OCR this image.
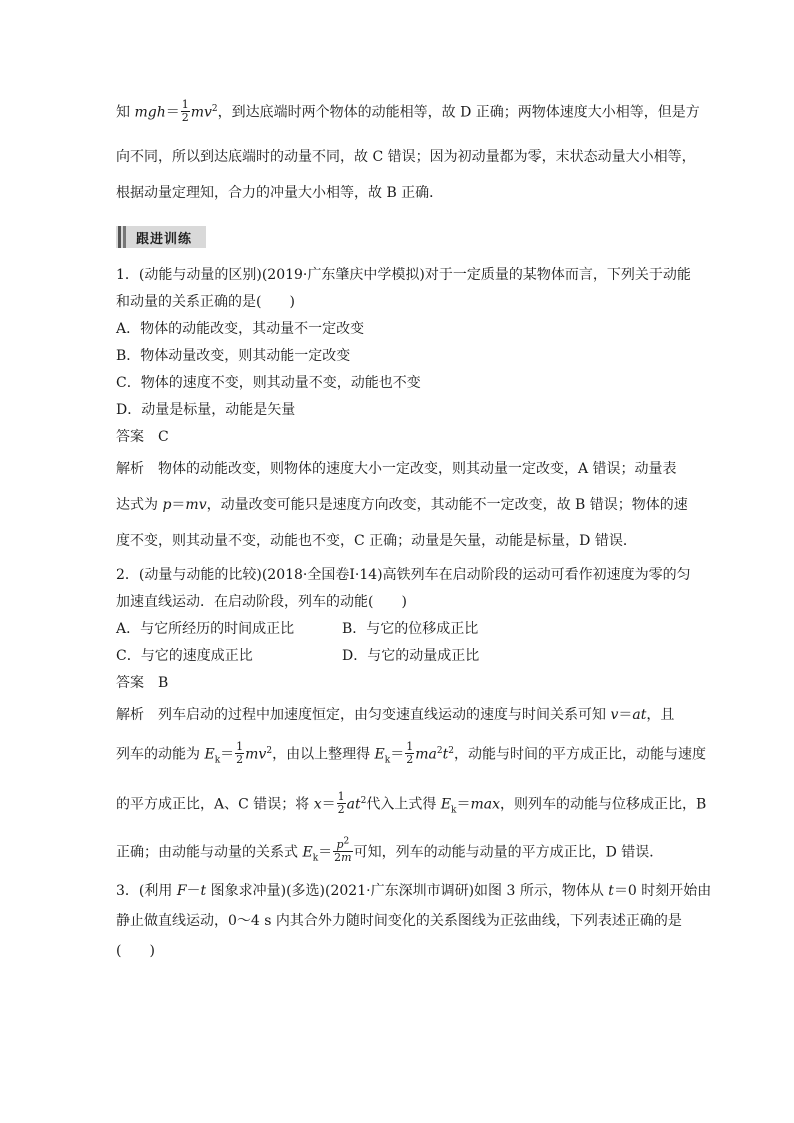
知 $mgh= \frac{1}{2} mv^2$，到达底端时两个物体的动能相等，故 D 正确；两物体速度大小相等，但是方
向不同，所以到达底端时的动量不同，故 C 错误；因为初动量都为零，末状态动量大小相等，
根据动量定理知，合力的冲量大小相等，故 B 正确．
跟进训练
1．(动能与动量的区别)(2019·广东肇庆中学模拟)对于一定质量的某物体而言，下列关于动能
和动量的关系正确的是(　　)
A．物体的动能改变，其动量不一定改变
B．物体动量改变，则其动能一定改变
C．物体的速度不变，则其动量不变，动能也不变
D．动量是标量，动能是矢量
答案　C
解析　物体的动能改变，则物体的速度大小一定改变，则其动量一定改变，A 错误；动量表
达式为 p＝mv，动量改变可能只是速度方向改变，其动能不一定改变，故 B 错误；物体的速
度不变，则其动量不变，动能也不变，C 正确；动量是矢量，动能是标量，D 错误．
2．(动量与动能的比较)(2018·全国卷Ⅰ·14)高铁列车在启动阶段的运动可看作初速度为零的匀
加速直线运动．在启动阶段，列车的动能(　　)
A．与它所经历的时间成正比	B．与它的位移成正比
C．与它的速度成正比	D．与它的动量成正比
答案　B
解析　列车启动的过程中加速度恒定，由匀变速直线运动的速度与时间关系可知 v＝at，且
列车的动能为 $E_k= \frac{1}{2} mv^2$，由以上整理得 $E_k= \frac{1}{2} ma^2t^2$，动能与时间的平方成正比，动能与速度
的平方成正比，A、C 错误；将 $x= \frac{1}{2} at^2$代入上式得 $E_k=\max$，则列车的动能与位移成正比，B
正确；由动能与动量的关系式 $E_k= \frac{p^2}{2m}$ 可知，列车的动能与动量的平方成正比，D 错误．
3．(利用 F－t 图象求冲量)(多选)(2021·广东深圳市调研)如图 3 所示，物体从 t＝0 时刻开始由
静止做直线运动，0～4 s 内其合外力随时间变化的关系图线为正弦曲线，下列表述正确的是
(　　)
